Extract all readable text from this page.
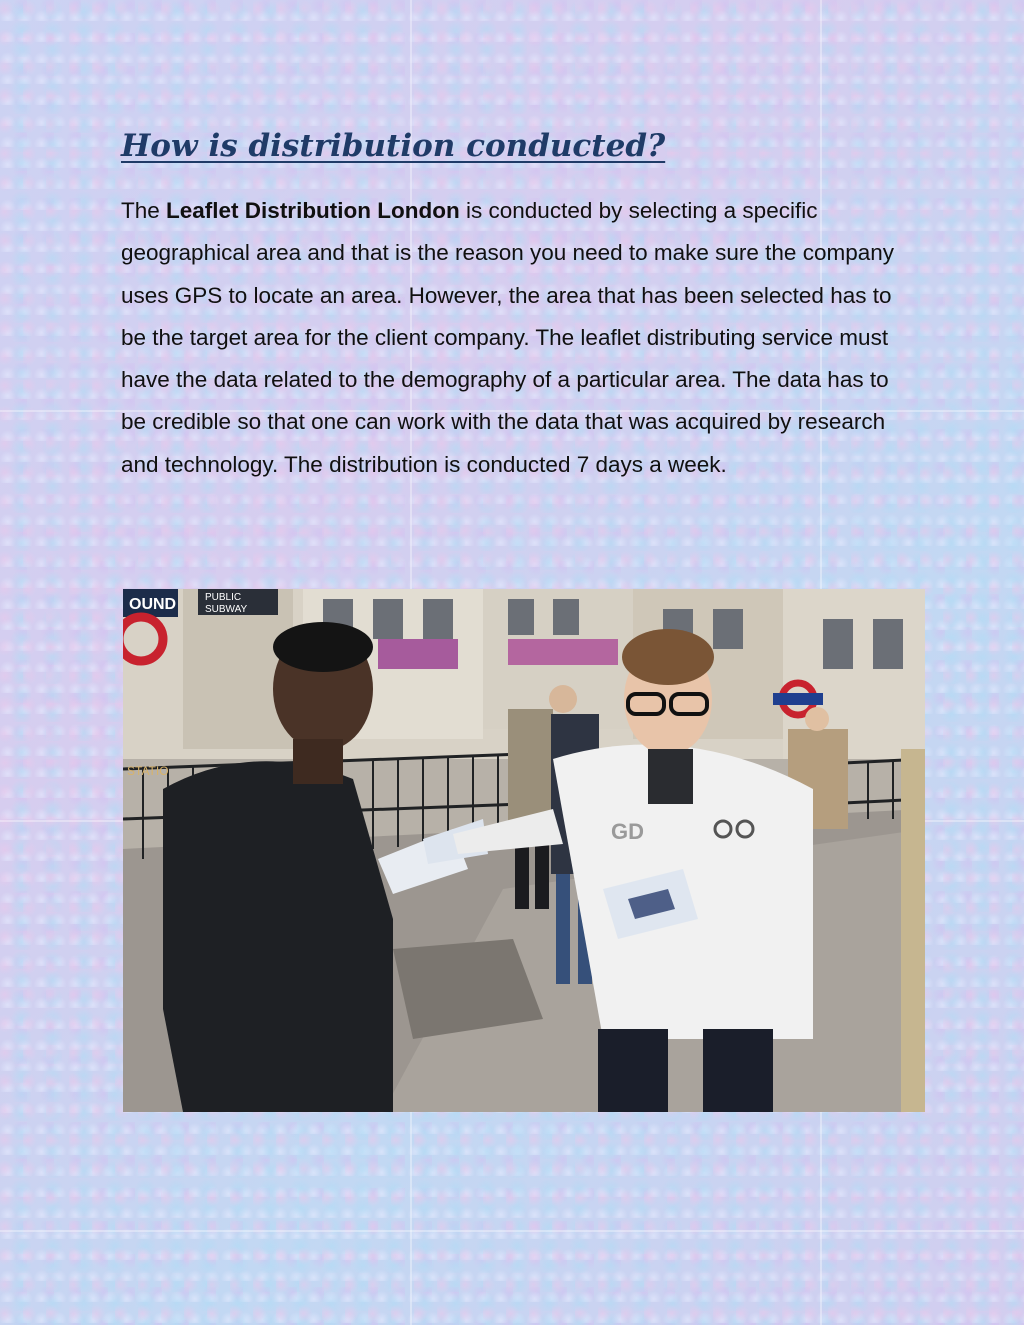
How is distribution conducted?

The Leaflet Distribution London is conducted by selecting a specific geographical area and that is the reason you need to make sure the company uses GPS to locate an area. However, the area that has been selected has to be the target area for the client company. The leaflet distributing service must have the data related to the demography of a particular area. The data has to be credible so that one can work with the data that was acquired by research and technology. The distribution is conducted 7 days a week.

OUND	PUBLIC
SUBWAY
STATIO
GD
